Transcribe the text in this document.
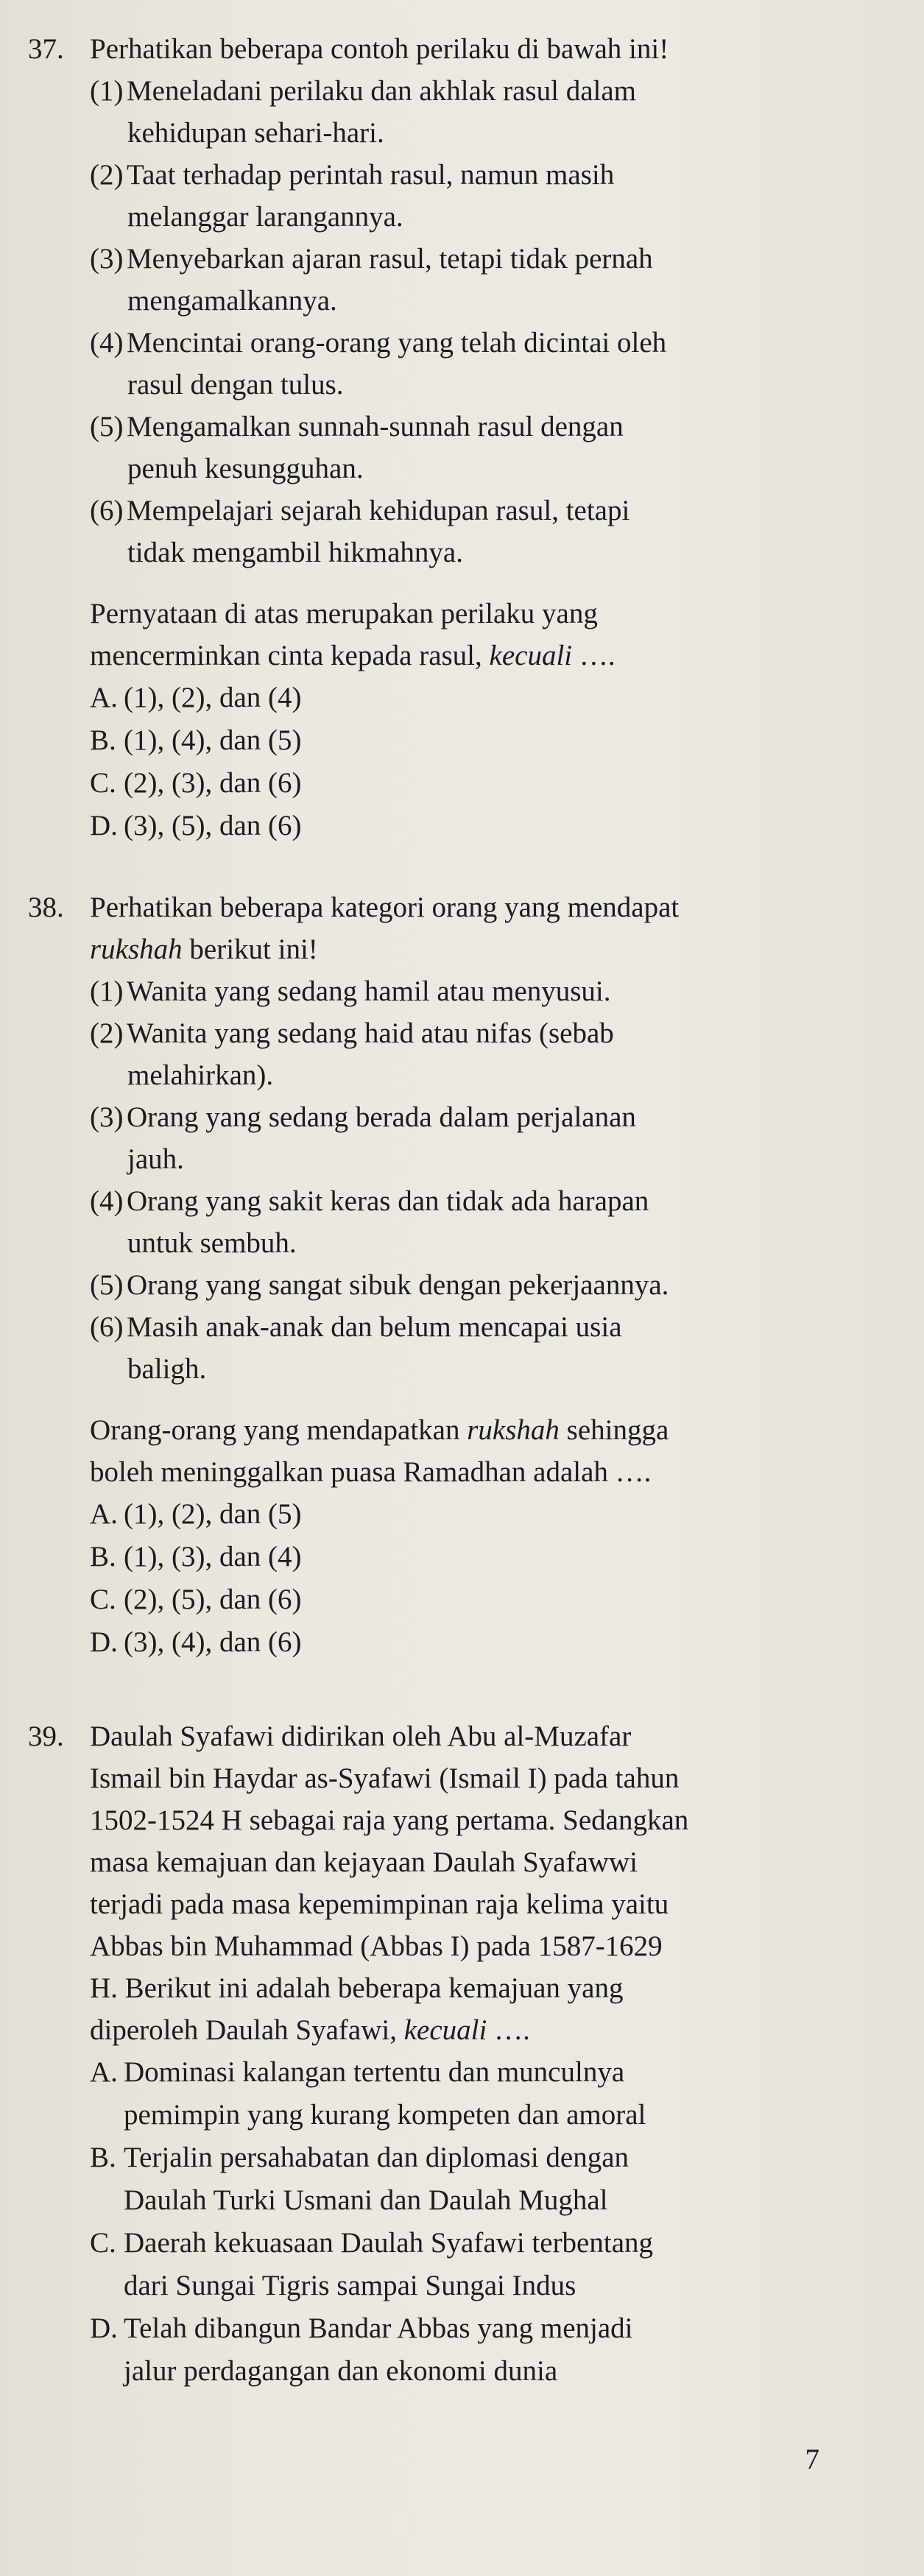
37. Perhatikan beberapa contoh perilaku di bawah ini!

(1) Meneladani perilaku dan akhlak rasul dalam

kehidupan sehari-hari.

(2) Taat terhadap perintah rasul, namun masih

melanggar larangannya.

(3) Menyebarkan ajaran rasul, tetapi tidak pernah

mengamalkannya.

(4) Mencintai orang-orang yang telah dicintai oleh

rasul dengan tulus.

(5) Mengamalkan sunnah-sunnah rasul dengan

penuh kesungguhan.

(6) Mempelajari sejarah kehidupan rasul, tetapi

tidak mengambil hikmahnya.

Pernyataan di atas merupakan perilaku yang

mencerminkan cinta kepada rasul, kecuali ….

A. (1), (2), dan (4)

B. (1), (4), dan (5)

C. (2), (3), dan (6)

D. (3), (5), dan (6)

38. Perhatikan beberapa kategori orang yang mendapat

rukshah berikut ini!

(1) Wanita yang sedang hamil atau menyusui.

(2) Wanita yang sedang haid atau nifas (sebab

melahirkan).

(3) Orang yang sedang berada dalam perjalanan

jauh.

(4) Orang yang sakit keras dan tidak ada harapan

untuk sembuh.

(5) Orang yang sangat sibuk dengan pekerjaannya.

(6) Masih anak-anak dan belum mencapai usia

baligh.

Orang-orang yang mendapatkan rukshah sehingga

boleh meninggalkan puasa Ramadhan adalah ….

A. (1), (2), dan (5)

B. (1), (3), dan (4)

C. (2), (5), dan (6)

D. (3), (4), dan (6)

39. Daulah Syafawi didirikan oleh Abu al-Muzafar

Ismail bin Haydar as-Syafawi (Ismail I) pada tahun

1502-1524 H sebagai raja yang pertama. Sedangkan

masa kemajuan dan kejayaan Daulah Syafawwi

terjadi pada masa kepemimpinan raja kelima yaitu

Abbas bin Muhammad (Abbas I) pada 1587-1629

H. Berikut ini adalah beberapa kemajuan yang

diperoleh Daulah Syafawi, kecuali ….

A. Dominasi kalangan tertentu dan munculnya

pemimpin yang kurang kompeten dan amoral

B. Terjalin persahabatan dan diplomasi dengan

Daulah Turki Usmani dan Daulah Mughal

C. Daerah kekuasaan Daulah Syafawi terbentang

dari Sungai Tigris sampai Sungai Indus

D. Telah dibangun Bandar Abbas yang menjadi

jalur perdagangan dan ekonomi dunia

7
